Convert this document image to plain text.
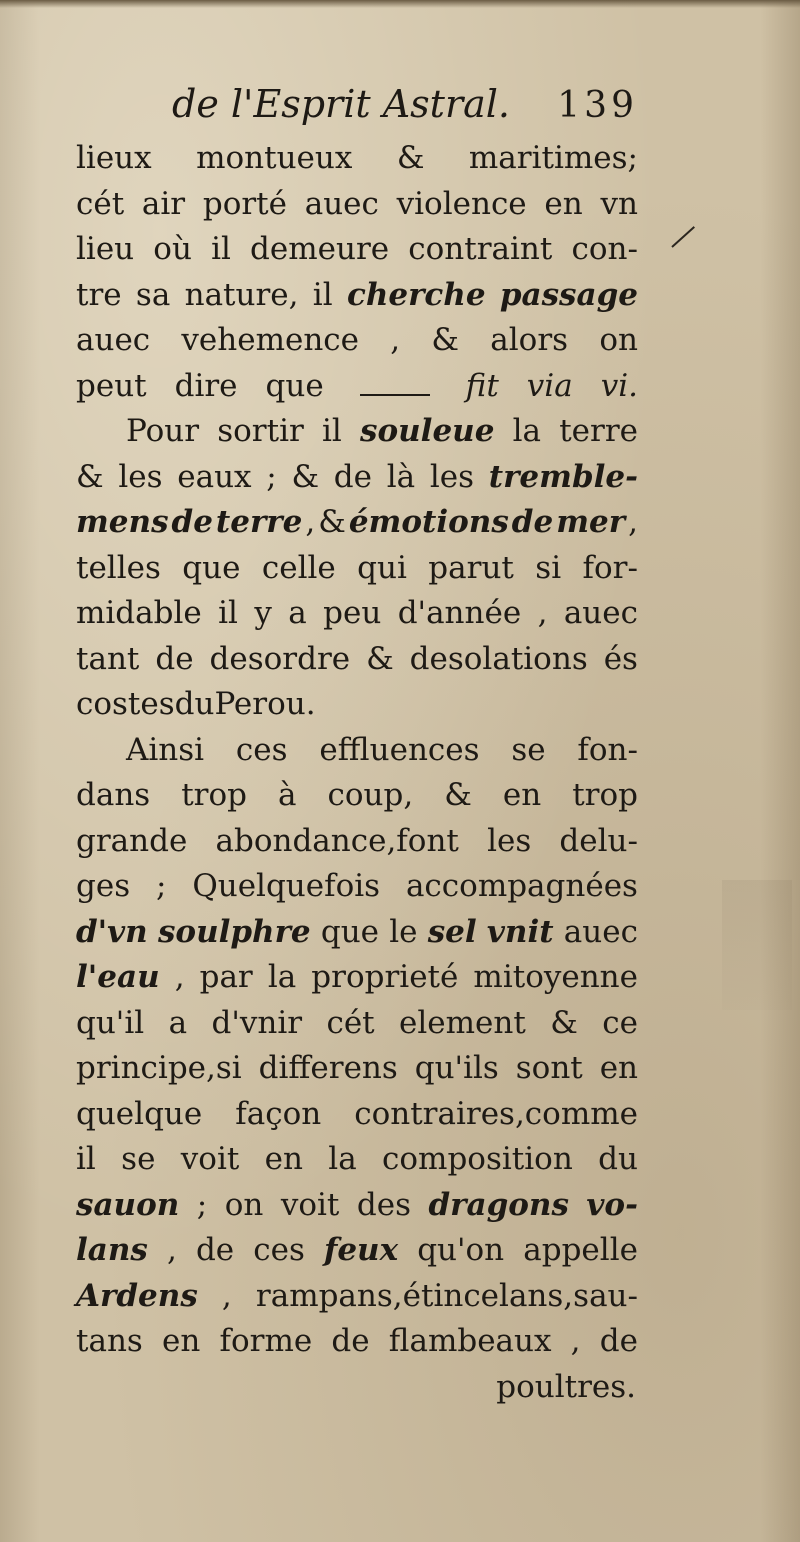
de l'Esprit Astral. 139
lieux montueux & maritimes;
cét air porté auec violence en vn
lieu où il demeure contraint con-
tre sa nature, il cherche passage
auec vehemence , & alors on
peut dire que	fit via vi.
Pour sortir il souleue la terre
& les eaux ; & de là les tremble-
mens de terre , & émotions de mer ,
telles que celle qui parut si for-
midable il y a peu d'année , auec
tant de desordre & desolations és
costes du Perou.
Ainsi ces effluences se fon-
dans trop à coup, & en trop
grande abondance,font les delu-
ges ; Quelquefois accompagnées
d'vn soulphre que le sel vnit auec
l'eau , par la proprieté mitoyenne
qu'il a d'vnir cét element & ce
principe,si differens qu'ils sont en
quelque façon contraires,comme
il se voit en la composition du
sauon ; on voit des dragons vo-
lans , de ces feux qu'on appelle
Ardens , rampans,étincelans,sau-
tans en forme de flambeaux , de
poultres.
